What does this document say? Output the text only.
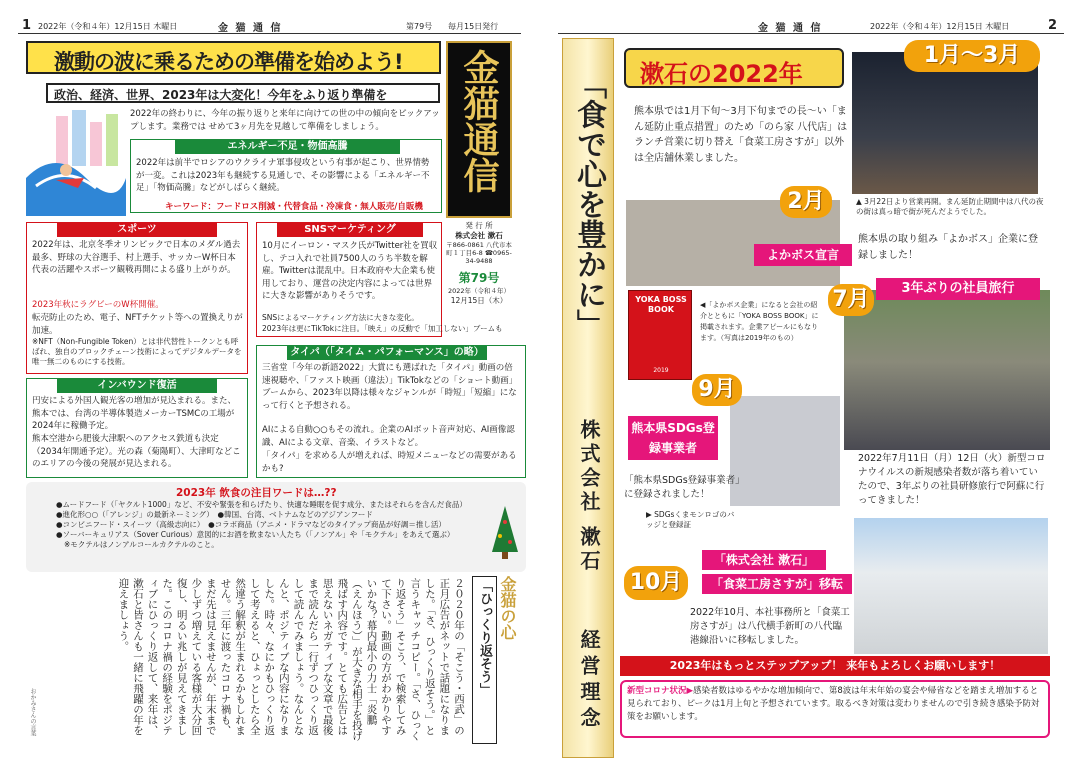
1 2022年（令和４年）12月15日 木曜日	金 猫 通 信	第79号 毎月15日発行
激動の波に乗るための準備を始めよう!
政治、経済、世界、2023年は大変化！今年をふり返り準備を 金猫通信
発 行 所
株式会社 漱石
〒866-0861 八代市本町１丁目6-8 ☎0965-34-9488
第79号
2022年（令和４年）
12月15日（木）
2022年の終わりに、今年の振り返りと来年に向けての世の中の傾向をピックアップします。業務では せめて3ヶ月先を見越して準備をしましょう。
エネルギー不足・物価高騰
2022年は前半でロシアのウクライナ軍事侵攻という有事が起こり、世界情勢が一変。これは2023年も継続する見通しで、その影響による「エネルギー不足」「物価高騰」などがしばらく継続。
キーワード：フードロス削減・代替食品・冷凍食・無人販売/自販機
スポーツ
2022年は、北京冬季オリンピックで日本のメダル過去最多、野球の大谷選手、村上選手、サッカーW杯日本代表の活躍やスポーツ観戦再開による盛り上がりが。
2023年秋にラグビーのW杯開催。
転売防止のため、電子、NFTチケット等への置換えりが加速。
※NFT（Non-Fungible Token）とは非代替性トークンとも呼ばれ、独自のブロックチェーン技術によってデジタルデータを唯一無二のものにする技術。
SNSマーケティング
10月にイーロン・マスク氏がTwitter社を買収し、テコ入れで社員7500人のうち半数を解雇。Twitterは混乱中。日本政府や大企業も使用しており、運営の決定内容によっては世界に大きな影響がありそうです。
SNSによるマーケティング方法に大きな変化。
2023年は更にTikTokに注目。「映え」の反動で「加工しない」ブームも
インバウンド復活
円安による外国人観光客の増加が見込まれる。また、熊本では、台湾の半導体製造メーカーTSMCの工場が2024年に稼働予定。
熊本空港から肥後大津駅へのアクセス鉄道も決定（2034年開通予定）。光の森（菊陽町）、大津町などこのエリアの今後の発展が見込まれる。
タイパ（「タイム・パフォーマンス」の略）
三省堂「今年の新語2022」大賞にも選ばれた「タイパ」動画の倍速視聴や、「ファスト映画（違法）」TikTokなどの「ショート動画」ブームから、2023年以降は様々なジャンルが「時短」「短縮」になって行くと予想される。
AIによる自動○○もその流れ。企業のAIボット音声対応、AI画像認識、AIによる文章、音楽、イラストなど。
「タイパ」を求める人が増えれば、時短メニューなどの需要があるかも?
2023年 飲食の注目ワードは…??
●ムードフード（「ヤクルト1000」など、不安や緊張を和らげたり、快適な睡眠を促す成分、またはそれらを含んだ食品）
●進化形○○（「アレンジ」の最新ネーミング）　●韓国、台湾、ベトナムなどのアジアンフード
●コンビニフード・スイーツ（高級志向に）　●コラボ商品（アニメ・ドラマなどのタイアップ商品が好調＝推し活）
●ソーバーキュリアス（Sover Curious）意図的にお酒を飲まない人たち（「ノンアル」や「モクテル」をあえて選ぶ）
※モクテルはノンアルコールカクテルのこと。
「ひっくり返そう」
２０２０年の「そこう・西武」の正月広告がネットで話題になりました。「さ、ひっくり返そう。」と言うキャッチコピー。「さ、ひっくり返そう」そこう、で検索してみて下さい。動画の方がわかりやすいかな？幕内最小の力士「炎鵬（えんほう）」が大きな相手を投げ飛ばす内容です。とても広告とは思えないネガティブな文章で最後まで読んだら一行ずつひっくり返して読んでみましょう。なんとなんと、ポジティブな内容になりました。時々、なにかもひっくり返して考えると、ひょっとしたら全然違う解釈が生まれるかもしれません。三年に渡ったコロナ禍も、まだ先は見えませんが、年末まで少しずつ増えている客様が大分回復し、明るい兆しが見えてきました。このコロナ禍の経験をポジティブにひっくり返して、来年は、漱石と皆さんも一緒に飛躍の年を迎えましょう。	金猫の心
おかみさんの言葉
金 猫 通 信	2022年（令和４年）12月15日 木曜日	2
「食で心を豊かに」
株式会社 漱石
経営理念
漱石の2022年
熊本県では1月下旬〜3月下旬までの長〜い「まん延防止重点措置」のため「のら家 八代店」はランチ営業に切り替え「食菜工房さすが」以外は全店舗休業しました。
1月〜3月
▲ 3月22日より営業再開。まん延防止期間中は八代の夜の街は真っ暗で街が死んだようでした。
2月
よかボス宣言
YOKA BOSS BOOK
2019
◀「よかボス企業」になると会社の紹介とともに「YOKA BOSS BOOK」に掲載されます。企業アピールにもなります。（写真は2019年のもの）
熊本県の取り組み「よかボス」企業に登録しました！
7月	3年ぶりの社員旅行
2022年7月11日（月）12日（火）新型コロナウイルスの新規感染者数が落ち着いていたので、3年ぶりの社員研修旅行で阿蘇に行ってきました！
9月
熊本県SDGs登録事業者
「熊本県SDGs登録事業者」に登録されました！
▶ SDGsくまモンロゴのバッジと登録証
「株式会社 漱石」
「食菜工房さすが」移転
10月
2022年10月、本社事務所と「食菜工房さすが」は八代横手新町の八代臨港線沿いに移転しました。
2023年はもっとステップアップ！ 来年もよろしくお願いします！
新型コロナ状況▶感染者数はゆるやかな増加傾向で、第8波は年末年始の宴会や帰省などを踏まえ増加すると見られており、ピークは1月上旬と予想されています。取るべき対策は変わりませんので引き続き感染予防対策をお願いします。
